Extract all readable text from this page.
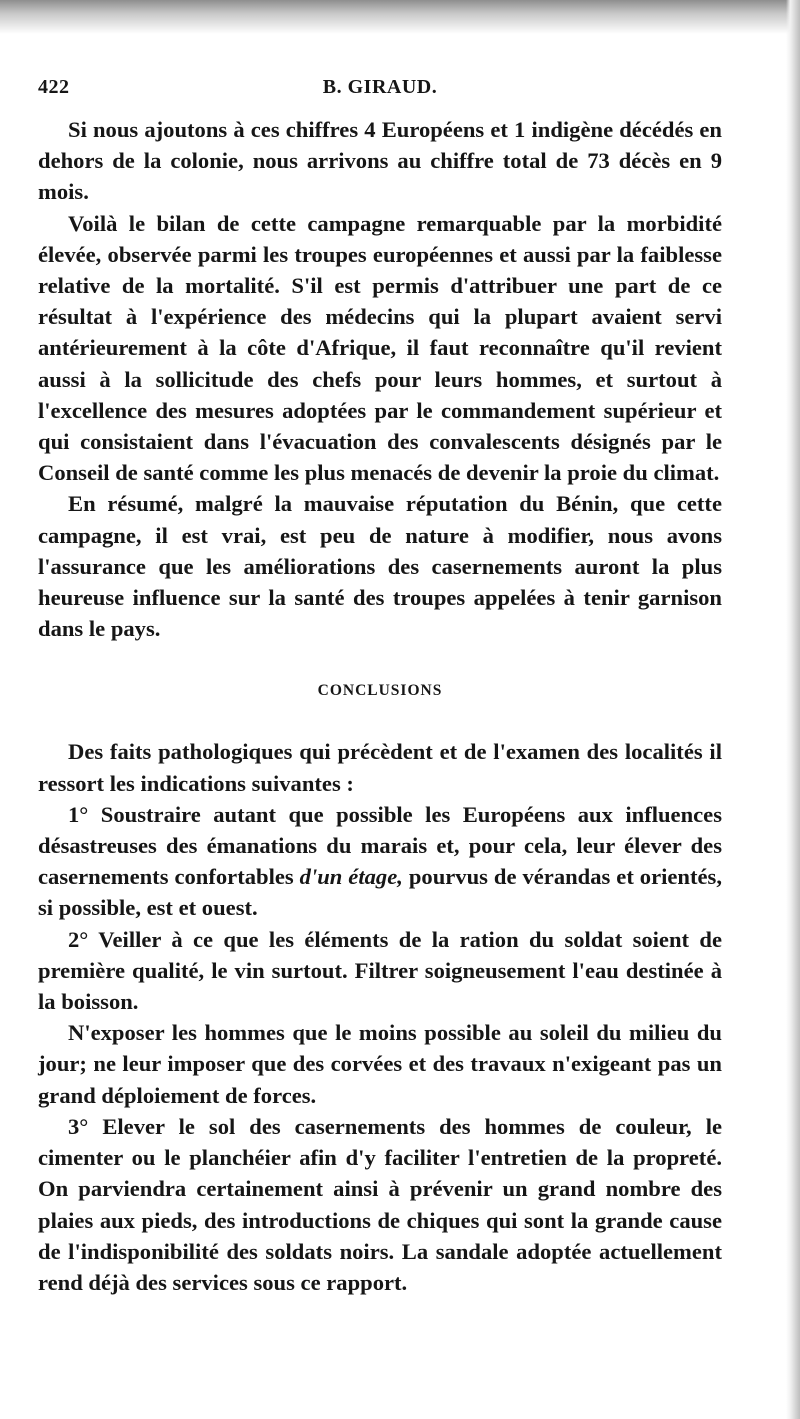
422	B. GIRAUD.

Si nous ajoutons à ces chiffres 4 Européens et 1 indigène décédés en dehors de la colonie, nous arrivons au chiffre total de 73 décès en 9 mois.

Voilà le bilan de cette campagne remarquable par la morbidité élevée, observée parmi les troupes européennes et aussi par la faiblesse relative de la mortalité. S'il est permis d'attribuer une part de ce résultat à l'expérience des médecins qui la plupart avaient servi antérieurement à la côte d'Afrique, il faut reconnaître qu'il revient aussi à la sollicitude des chefs pour leurs hommes, et surtout à l'excellence des mesures adoptées par le commandement supérieur et qui consistaient dans l'évacuation des convalescents désignés par le Conseil de santé comme les plus menacés de devenir la proie du climat.

En résumé, malgré la mauvaise réputation du Bénin, que cette campagne, il est vrai, est peu de nature à modifier, nous avons l'assurance que les améliorations des casernements auront la plus heureuse influence sur la santé des troupes appelées à tenir garnison dans le pays.

CONCLUSIONS

Des faits pathologiques qui précèdent et de l'examen des localités il ressort les indications suivantes :

1° Soustraire autant que possible les Européens aux influences désastreuses des émanations du marais et, pour cela, leur élever des casernements confortables d'un étage, pourvus de vérandas et orientés, si possible, est et ouest.

2° Veiller à ce que les éléments de la ration du soldat soient de première qualité, le vin surtout. Filtrer soigneusement l'eau destinée à la boisson.

N'exposer les hommes que le moins possible au soleil du milieu du jour; ne leur imposer que des corvées et des travaux n'exigeant pas un grand déploiement de forces.

3° Elever le sol des casernements des hommes de couleur, le cimenter ou le planchéier afin d'y faciliter l'entretien de la propreté. On parviendra certainement ainsi à prévenir un grand nombre des plaies aux pieds, des introductions de chiques qui sont la grande cause de l'indisponibilité des soldats noirs. La sandale adoptée actuellement rend déjà des services sous ce rapport.
